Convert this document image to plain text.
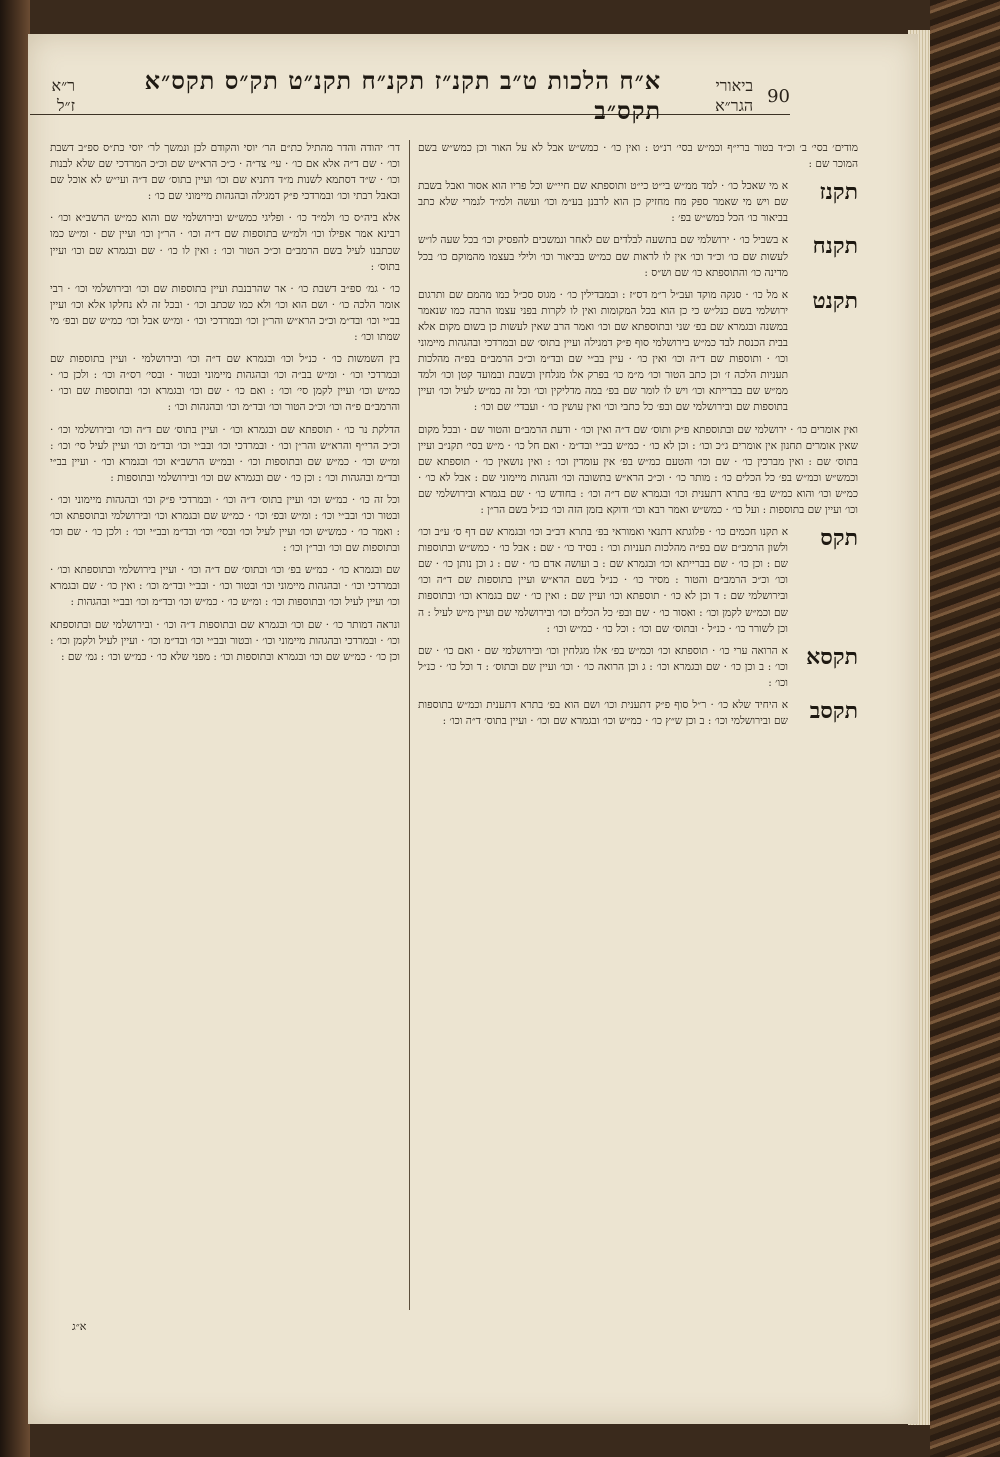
90
ביאורי הגר״א
א״ח הלכות ט״ב תקנ״ז תקנ״ח תקנ״ט תק״ס תקס״א תקס״ב
ר״א ז״ל

מודים׳ בסי׳ ב׳ וכ״ד בטור ברי״ף וכמ״ש בסי׳ רנ״ט : ואין כו׳ · כמש״ש אבל לא על האור וכן כמש״ש בשם המוכר שם :

תקנז
א מי שאכל כו׳ · למד ממ״ש בי״ט כי״ט ותוספתא שם חיי״ש וכל פריו הוא אסור ואבל בשבת שם ויש מי שאמר ספק מח מחזיק כן הוא לרבנן בע״מ וכו׳ ועשה ולמ״ד לגמרי שלא כתב בביאור כו׳ הכל כמש״ש בפ׳ :
תקנח
א בשביל כו׳ · ירושלמי שם בתשעה לבלדים שם לאחר ונמשכים להפסיק וכו׳ בכל שעה לו״ש לעשות שם כו׳ וכ״ד וכו׳ אין לו לראות שם כמ״ש בביאור וכו׳ ולילי בעצמו מהמוקם כו׳ בכל מדינה כו׳ והתוספתא כו׳ שם וש״ס :
תקנט
א מל כו׳ · סנקה מוקד ועב״ל ר״מ דס״ז : ובמבדילין כו׳ · מגוס סכ״ל כמו מהמם שם ותרגום ירושלמי בשם כנל״ש כי כן הוא בכל המקומות ואין לו לקרות בפני עצמו הרבה כמו שנאמר במשנה ובגמרא שם בפ׳ שני ובתוספתא שם וכו׳ ואמר הרב שאין לעשות כן בשום מקום אלא בבית הכנסת לבד כמ״ש בירושלמי סוף פ״ק דמגילה ועיין בתוס׳ שם ובמרדכי ובהגהות מיימוני וכו׳ · ותוספות שם ד״ה וכו׳ ואין כו׳ · עיין בב״י שם ובד״מ וכ״כ הרמב״ם בפ״ה מהלכות תעניות הלכה ז׳ וכן כתב הטור וכו׳ מ״מ כו׳ בפרק אלו מגלחין ובשבת ובמועד קטן וכו׳ ולמד ממ״ש שם בברייתא וכו׳ ויש לו לומר שם בפ׳ במה מדליקין וכו׳ וכל זה כמ״ש לעיל וכו׳ ועיין בתוספות שם ובירושלמי שם ובפ׳ כל כתבי וכו׳ ואין עושין כו׳ · ועבדי׳ שם וכו׳ :

ואין אומרים כו׳ · ירושלמי שם ובתוספתא פ״ק ותוס׳ שם ד״ה ואין וכו׳ · ודעת הרמב״ם והטור שם · ובכל מקום שאין אומרים תחנון אין אומרים ג״כ וכו׳ : וכן לא כו׳ · כמ״ש בב״י ובד״מ · ואם חל כו׳ · מ״ש בסי׳ תקנ״ב ועיין בתוס׳ שם : ואין מברכין כו׳ · שם וכו׳ והטעם כמ״ש בפ׳ אין עומדין וכו׳ : ואין נושאין כו׳ · תוספתא שם וכמש״ש וכמ״ש בפ׳ כל הכלים כו׳ : מותר כו׳ · וכ״כ הרא״ש בתשובה וכו׳ והגהות מיימוני שם : אבל לא כו׳ · כמ״ש וכו׳ והוא כמ״ש בפ׳ בתרא דתענית וכו׳ ובגמרא שם ד״ה וכו׳ : בחודש כו׳ · שם בגמרא ובירושלמי שם וכו׳ ועיין שם בתוספות : ועל כו׳ · כמש״ש ואמר רבא וכו׳ ודוקא בזמן הזה וכו׳ כנ״ל בשם הר״ן :

תקס
א תקנו חכמים כו׳ · פלוגתא דתנאי ואמוראי בפ׳ בתרא דב״ב וכו׳ ובגמרא שם דף ס׳ ע״ב וכו׳ ולשון הרמב״ם שם בפ״ה מהלכות תעניות וכו׳ : בסיד כו׳ · שם : אבל כו׳ · כמש״ש ובתוספות שם : וכן כו׳ · שם בברייתא וכו׳ ובגמרא שם : ב ועושה אדם כו׳ · שם : ג וכן נותן כו׳ · שם וכו׳ וכ״כ הרמב״ם והטור : מסיר כו׳ · כנ״ל בשם הרא״ש ועיין בתוספות שם ד״ה וכו׳ ובירושלמי שם : ד וכן לא כו׳ · תוספתא וכו׳ ועיין שם : ואין כו׳ · שם בגמרא וכו׳ ובתוספות שם וכמ״ש לקמן וכו׳ : ואסור כו׳ · שם ובפ׳ כל הכלים וכו׳ ובירושלמי שם ועיין מ״ש לעיל : ה וכן לשורר כו׳ · כנ״ל · ובתוס׳ שם וכו׳ : וכל כו׳ · כמ״ש וכו׳ :
תקסא
א הרואה ערי כו׳ · תוספתא וכו׳ וכמ״ש בפ׳ אלו מגלחין וכו׳ ובירושלמי שם · ואם כו׳ · שם וכו׳ : ב וכן כו׳ · שם ובגמרא וכו׳ : ג וכן הרואה כו׳ · וכו׳ ועיין שם ובתוס׳ : ד וכל כו׳ · כנ״ל וכו׳ :
תקסב
א היחיד שלא כו׳ · ר״ל סוף פ״ק דתענית וכו׳ ושם הוא בפ׳ בתרא דתענית וכמ״ש בתוספות שם ובירושלמי וכו׳ : ב וכן ש״ץ כו׳ · כמ״ש וכו׳ ובגמרא שם וכו׳ · ועיין בתוס׳ ד״ה וכו׳ :

דר׳ יהודה והדר מהתיל כת״ם הר׳ יוסי והקודם לכן ונמשך לר׳ יוסי כת״ס ספ״ב דשבת וכו׳ · שם ד״ה אלא אם כו׳ · עי׳ צד״ה · כ״כ הרא״ש שם וכ״כ המרדכי שם שלא לבנות וכו׳ · ש״ד דסתמא לשנות מ״ד דתניא שם וכו׳ ועיין בתוס׳ שם ד״ה ועי״ש לא אוכל שם ובאבל רבתי וכו׳ ובמרדכי פ״ק דמגילה ובהגהות מיימוני שם כו׳ :

אלא ביה״ס כו׳ ולמ״ד כו׳ · ופליגי כמש״ש ובירושלמי שם והוא כמ״ש הרשב״א וכו׳ · רבינא אמר אפילו וכו׳ ולמ״ש בתוספות שם ד״ה וכו׳ · הר״ן וכו׳ ועיין שם · ומ״ש כמו שכתבנו לעיל בשם הרמב״ם וכ״כ הטור וכו׳ : ואין לו כו׳ · שם ובגמרא שם וכו׳ ועיין בתוס׳ :

כו׳ · גמ׳ ספ״ב דשבת כו׳ · אר שהרבנבת ועיין בתוספות שם וכו׳ ובירושלמי וכו׳ · רבי אומר הלכה כו׳ · ושם הוא וכו׳ ולא כמו שכתב וכו׳ · ובכל זה לא נחלקו אלא וכו׳ ועיין בב״י וכו׳ ובד״מ וכ״כ הרא״ש והר״ן וכו׳ ובמרדכי וכו׳ · ומ״ש אבל וכו׳ כמ״ש שם ובפ׳ מי שמתו וכו׳ :

בין השמשות כו׳ · כנ״ל וכו׳ ובגמרא שם ד״ה וכו׳ ובירושלמי · ועיין בתוספות שם ובמרדכי וכו׳ · ומ״ש בב״ה וכו׳ ובהגהות מיימוני ובטור · ובסי׳ רס״ה וכו׳ : ולכן כו׳ · כמ״ש וכו׳ ועיין לקמן סי׳ וכו׳ : ואם כו׳ · שם וכו׳ ובגמרא וכו׳ ובתוספות שם וכו׳ · והרמב״ם פ״ה וכו׳ וכ״כ הטור וכו׳ ובד״מ וכו׳ ובהגהות וכו׳ :

הדלקת נר כו׳ · תוספתא שם ובגמרא וכו׳ · ועיין בתוס׳ שם ד״ה וכו׳ ובירושלמי וכו׳ · וכ״כ הרי״ף והרא״ש והר״ן וכו׳ · ובמרדכי וכו׳ ובב״י וכו׳ ובד״מ וכו׳ ועיין לעיל סי׳ וכו׳ : ומ״ש וכו׳ · כמ״ש שם ובתוספות וכו׳ · ובמ״ש הרשב״א וכו׳ ובגמרא וכו׳ · ועיין בב״י ובד״מ ובהגהות וכו׳ : וכן כו׳ · שם ובגמרא שם וכו׳ ובירושלמי ובתוספות :

וכל זה כו׳ · כמ״ש וכו׳ ועיין בתוס׳ ד״ה וכו׳ · ובמרדכי פ״ק וכו׳ ובהגהות מיימוני וכו׳ · ובטור וכו׳ ובב״י וכו׳ : ומ״ש ובפ׳ וכו׳ · כמ״ש שם ובגמרא וכו׳ ובירושלמי ובתוספתא וכו׳ : ואמר כו׳ · כמש״ש וכו׳ ועיין לעיל וכו׳ ובסי׳ וכו׳ ובד״מ ובב״י וכו׳ : ולכן כו׳ · שם וכו׳ ובתוספות שם וכו׳ ובר״ן וכו׳ :

שם ובגמרא כו׳ · כמ״ש בפ׳ וכו׳ ובתוס׳ שם ד״ה וכו׳ · ועיין בירושלמי ובתוספתא וכו׳ · ובמרדכי וכו׳ · ובהגהות מיימוני וכו׳ ובטור וכו׳ · ובב״י ובד״מ וכו׳ : ואין כו׳ · שם ובגמרא וכו׳ ועיין לעיל וכו׳ ובתוספות וכו׳ : ומ״ש כו׳ · כמ״ש וכו׳ ובד״מ וכו׳ ובב״י ובהגהות :

ונראה דמותר כו׳ · שם וכו׳ ובגמרא שם ובתוספות ד״ה וכו׳ · ובירושלמי שם ובתוספתא וכו׳ · ובמרדכי ובהגהות מיימוני וכו׳ · ובטור ובב״י וכו׳ ובד״מ וכו׳ · ועיין לעיל ולקמן וכו׳ : וכן כו׳ · כמ״ש שם וכו׳ ובגמרא ובתוספות וכו׳ : מפני שלא כו׳ · כמ״ש וכו׳ : גמ׳ שם :

א״ג
